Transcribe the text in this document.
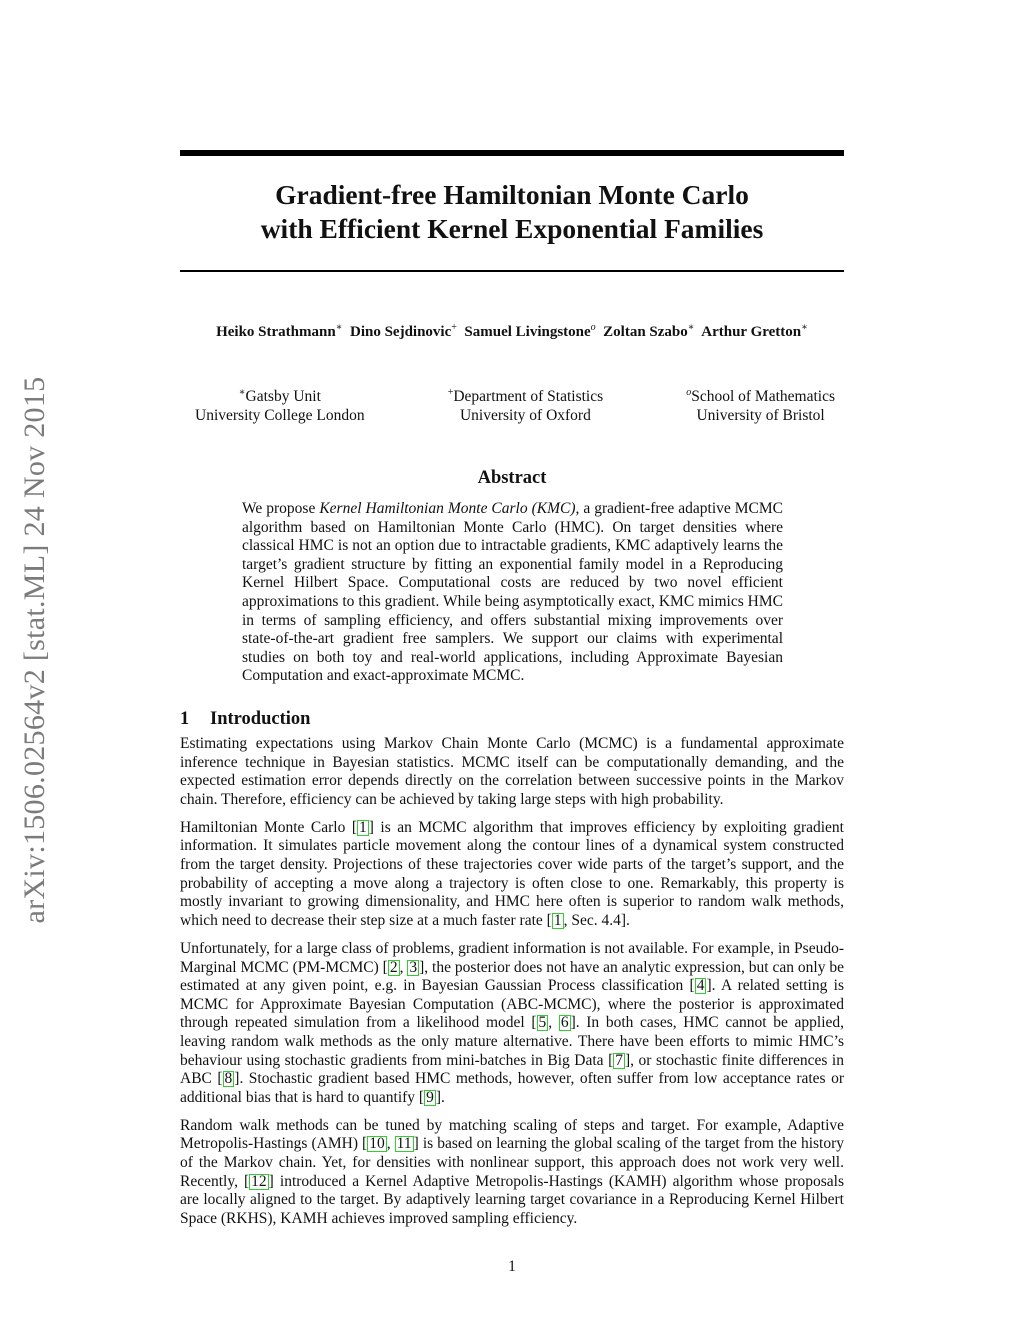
arXiv:1506.02564v2 [stat.ML] 24 Nov 2015
Gradient-free Hamiltonian Monte Carlo
with Efficient Kernel Exponential Families
Heiko Strathmann∗ Dino Sejdinovic+ Samuel Livingstone$^o$ Zoltan Szabo∗ Arthur Gretton∗
∗Gatsby Unit
University College London
+Department of Statistics
University of Oxford
$^o$School of Mathematics
University of Bristol
Abstract

We propose Kernel Hamiltonian Monte Carlo (KMC), a gradient-free adaptive MCMC algorithm based on Hamiltonian Monte Carlo (HMC). On target densities where classical HMC is not an option due to intractable gradients, KMC adaptively learns the target’s gradient structure by fitting an exponential family model in a Reproducing Kernel Hilbert Space. Computational costs are reduced by two novel efficient approximations to this gradient. While being asymptotically exact, KMC mimics HMC in terms of sampling efficiency, and offers substantial mixing improvements over state-of-the-art gradient free samplers. We support our claims with experimental studies on both toy and real-world applications, including Approximate Bayesian Computation and exact-approximate MCMC.

1 Introduction

Estimating expectations using Markov Chain Monte Carlo (MCMC) is a fundamental approximate inference technique in Bayesian statistics. MCMC itself can be computationally demanding, and the expected estimation error depends directly on the correlation between successive points in the Markov chain. Therefore, efficiency can be achieved by taking large steps with high probability.

Hamiltonian Monte Carlo [ 1 ] is an MCMC algorithm that improves efficiency by exploiting gradient information. It simulates particle movement along the contour lines of a dynamical system constructed from the target density. Projections of these trajectories cover wide parts of the target’s support, and the probability of accepting a move along a trajectory is often close to one. Remarkably, this property is mostly invariant to growing dimensionality, and HMC here often is superior to random walk methods, which need to decrease their step size at a much faster rate [ 1 , Sec. 4.4].

Unfortunately, for a large class of problems, gradient information is not available. For example, in Pseudo-Marginal MCMC (PM-MCMC) [ 2 , 3 ], the posterior does not have an analytic expression, but can only be estimated at any given point, e.g. in Bayesian Gaussian Process classification [ 4 ]. A related setting is MCMC for Approximate Bayesian Computation (ABC-MCMC), where the posterior is approximated through repeated simulation from a likelihood model [ 5 , 6 ]. In both cases, HMC cannot be applied, leaving random walk methods as the only mature alternative. There have been efforts to mimic HMC’s behaviour using stochastic gradients from mini-batches in Big Data [ 7 ], or stochastic finite differences in ABC [ 8 ]. Stochastic gradient based HMC methods, however, often suffer from low acceptance rates or additional bias that is hard to quantify [ 9 ].

Random walk methods can be tuned by matching scaling of steps and target. For example, Adaptive Metropolis-Hastings (AMH) [ 10 , 11 ] is based on learning the global scaling of the target from the history of the Markov chain. Yet, for densities with nonlinear support, this approach does not work very well. Recently, [ 12 ] introduced a Kernel Adaptive Metropolis-Hastings (KAMH) algorithm whose proposals are locally aligned to the target. By adaptively learning target covariance in a Reproducing Kernel Hilbert Space (RKHS), KAMH achieves improved sampling efficiency.

1
